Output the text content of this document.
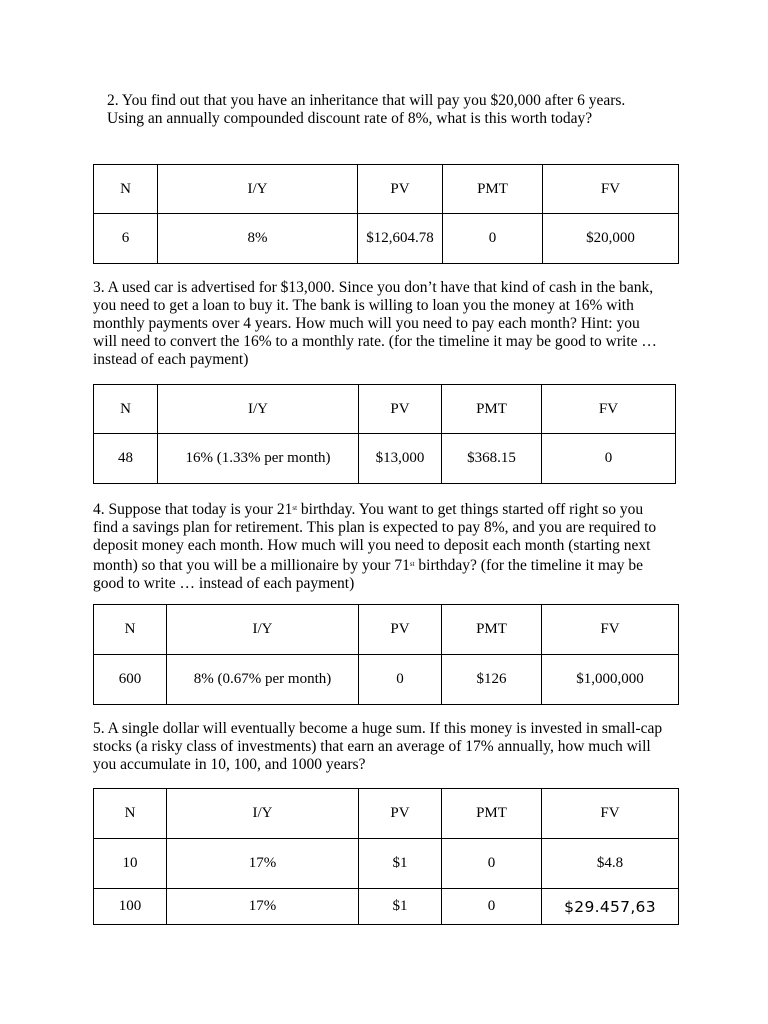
2. You find out that you have an inheritance that will pay you $20,000 after 6 years. Using an annually compounded discount rate of 8%, what is this worth today?

N	I/Y	PV	PMT	FV
6	8%	$12,604.78	0	$20,000

3. A used car is advertised for $13,000. Since you don’t have that kind of cash in the bank, you need to get a loan to buy it. The bank is willing to loan you the money at 16% with monthly payments over 4 years. How much will you need to pay each month? Hint: you will need to convert the 16% to a monthly rate. (for the timeline it may be good to write … instead of each payment)

N	I/Y	PV	PMT	FV
48	16% (1.33% per month)	$13,000	$368.15	0

4. Suppose that today is your 21st birthday. You want to get things started off right so you find a savings plan for retirement. This plan is expected to pay 8%, and you are required to deposit money each month. How much will you need to deposit each month (starting next month) so that you will be a millionaire by your 71st birthday? (for the timeline it may be good to write … instead of each payment)

N	I/Y	PV	PMT	FV
600	8% (0.67% per month)	0	$126	$1,000,000

5. A single dollar will eventually become a huge sum. If this money is invested in small-cap stocks (a risky class of investments) that earn an average of 17% annually, how much will you accumulate in 10, 100, and 1000 years?

N	I/Y	PV	PMT	FV
10	17%	$1	0	$4.8
100	17%	$1	0	$29.457,63
